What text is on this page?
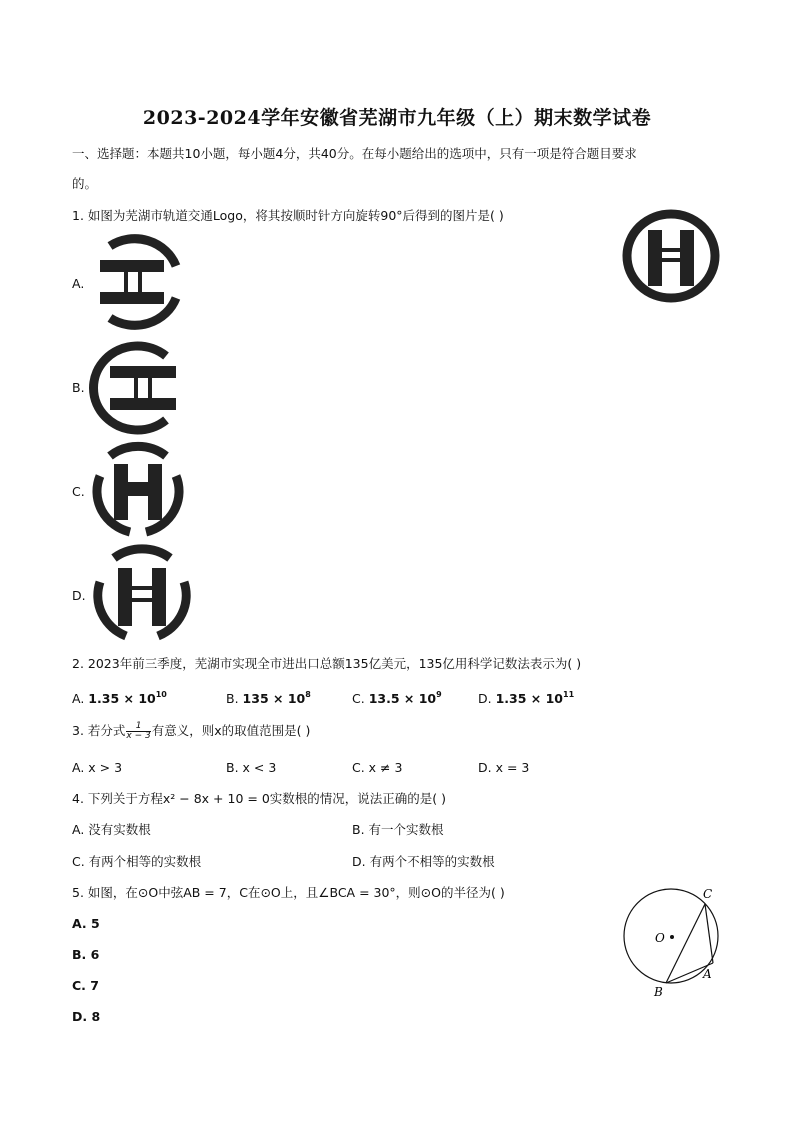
2023-2024学年安徽省芜湖市九年级（上）期末数学试卷
一、选择题：本题共10小题，每小题4分，共40分。在每小题给出的选项中，只有一项是符合题目要求
的。
1. 如图为芜湖市轨道交通Logo，将其按顺时针方向旋转90°后得到的图片是( )
A.
B.
C.
D.
2. 2023年前三季度，芜湖市实现全市进出口总额135亿美元，135亿用科学记数法表示为( )
A. $1.35 \times 10^{10}$	B. $135 \times 10^8$	C. $13.5 \times 10^9$	D. $1.35 \times 10^{11}$
3. 若分式 $\frac{1}{x - 3}$ 有意义，则x的取值范围是( )
A. x > 3	B. x < 3	C. x ≠ 3	D. x = 3
4. 下列关于方程x² − 8x + 10 = 0实数根的情况，说法正确的是( )
A. 没有实数根	B. 有一个实数根
C. 有两个相等的实数根	D. 有两个不相等的实数根
5. 如图，在⊙O中弦AB = 7，C在⊙O上，且∠BCA = 30°，则⊙O的半径为( )
A. 5
B. 6
C. 7
D. 8
C
O
A
B
